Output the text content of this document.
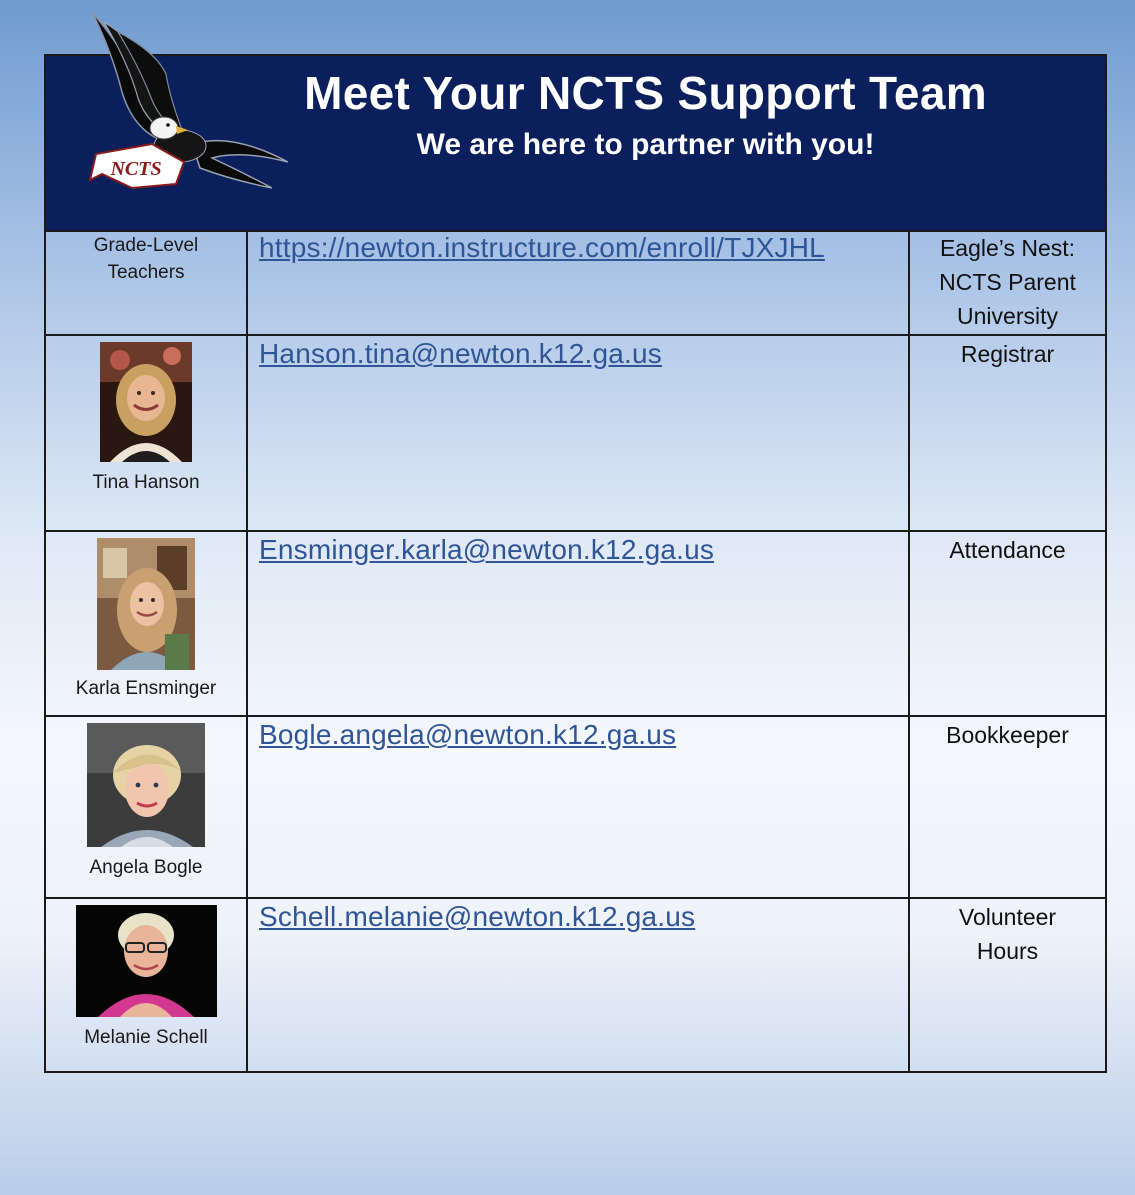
Meet Your NCTS Support Team
We are here to partner with you!
Grade-Level
Teachers	https://newton.instructure.com/enroll/TJXJHL	Eagle’s Nest:
NCTS Parent
University

Tina Hanson	Hanson.tina@newton.k12.ga.us	Registrar

Karla Ensminger	Ensminger.karla@newton.k12.ga.us	Attendance

Angela Bogle	Bogle.angela@newton.k12.ga.us	Bookkeeper

Melanie Schell	Schell.melanie@newton.k12.ga.us	Volunteer
Hours
NCTS
